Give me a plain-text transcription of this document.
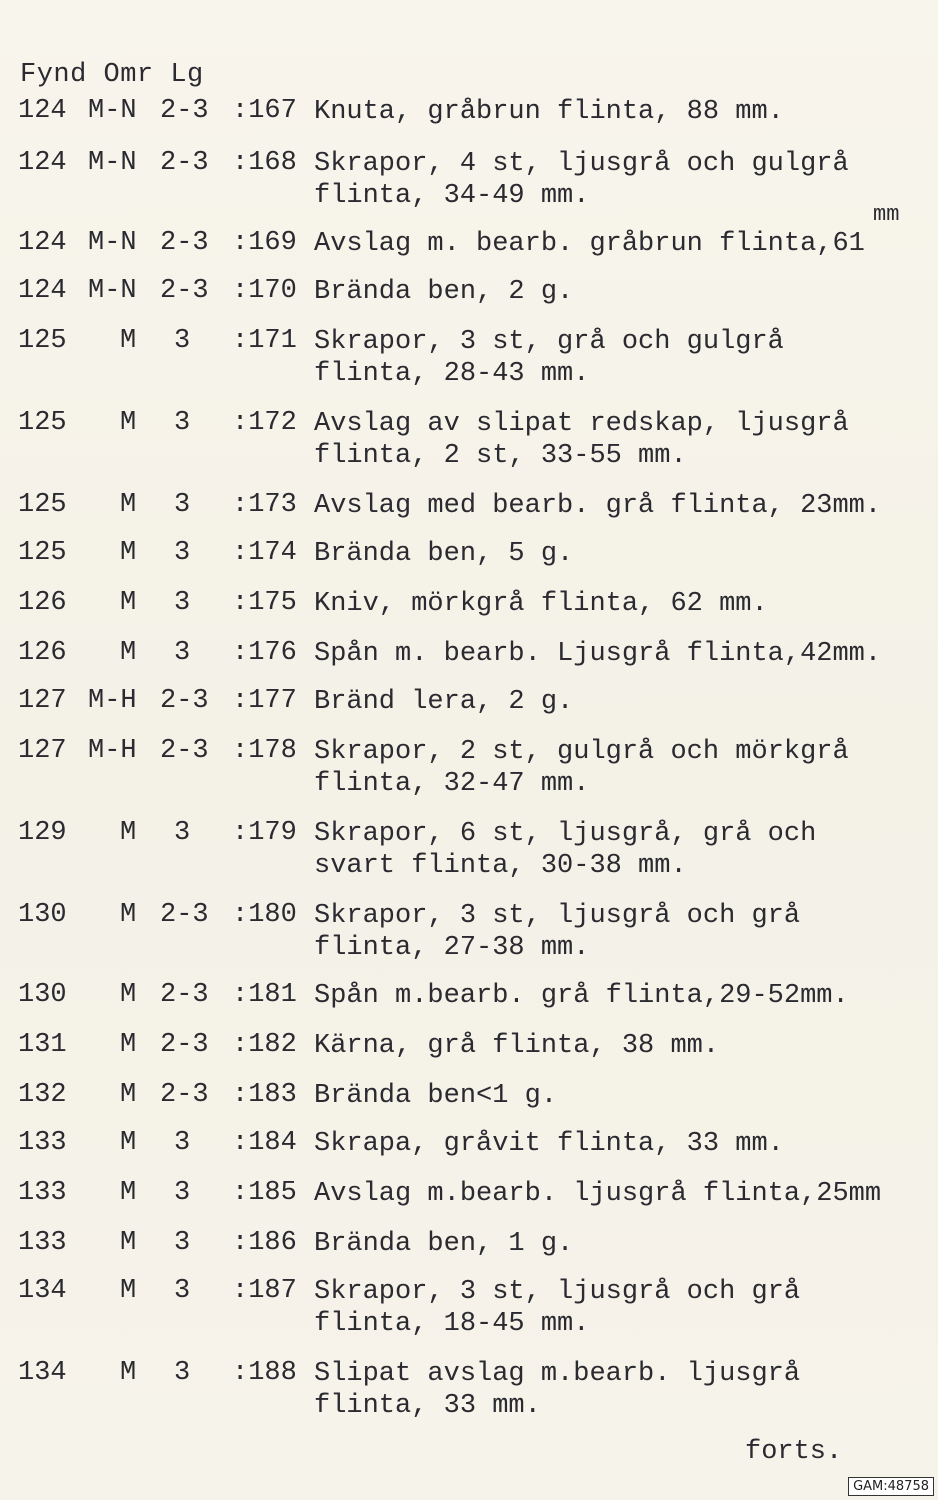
Fynd Omr Lg
mm
124 M-N 2-3 :167 Knuta, gråbrun flinta, 88 mm.
124 M-N 2-3 :168 Skrapor, 4 st, ljusgrå och gulgrå
flinta, 34-49 mm.
124 M-N 2-3 :169 Avslag m. bearb. gråbrun flinta,61
124 M-N 2-3 :170 Brända ben, 2 g.
125 M 3 :171 Skrapor, 3 st, grå och gulgrå
flinta, 28-43 mm.
125 M 3 :172 Avslag av slipat redskap, ljusgrå
flinta, 2 st, 33-55 mm.
125 M 3 :173 Avslag med bearb. grå flinta, 23mm.
125 M 3 :174 Brända ben, 5 g.
126 M 3 :175 Kniv, mörkgrå flinta, 62 mm.
126 M 3 :176 Spån m. bearb. Ljusgrå flinta,42mm.
127 M-H 2-3 :177 Bränd lera, 2 g.
127 M-H 2-3 :178 Skrapor, 2 st, gulgrå och mörkgrå
flinta, 32-47 mm.
129 M 3 :179 Skrapor, 6 st, ljusgrå, grå och
svart flinta, 30-38 mm.
130 M 2-3 :180 Skrapor, 3 st, ljusgrå och grå
flinta, 27-38 mm.
130 M 2-3 :181 Spån m.bearb. grå flinta,29-52mm.
131 M 2-3 :182 Kärna, grå flinta, 38 mm.
132 M 2-3 :183 Brända ben<1 g.
133 M 3 :184 Skrapa, gråvit flinta, 33 mm.
133 M 3 :185 Avslag m.bearb. ljusgrå flinta,25mm
133 M 3 :186 Brända ben, 1 g.
134 M 3 :187 Skrapor, 3 st, ljusgrå och grå
flinta, 18-45 mm.
134 M 3 :188 Slipat avslag m.bearb. ljusgrå
flinta, 33 mm.
forts.
GAM:48758
